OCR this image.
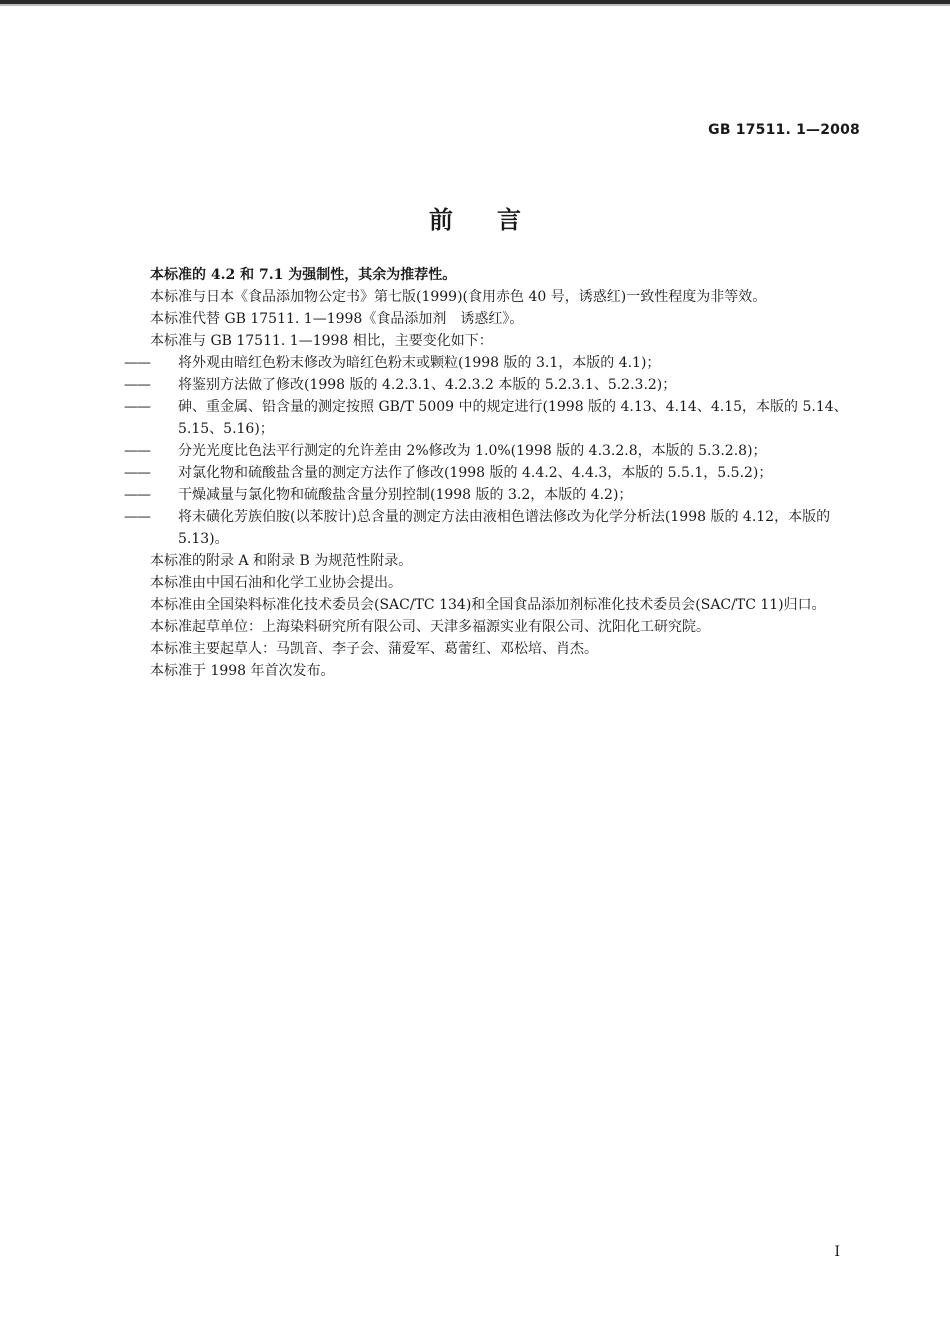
GB 17511. 1—2008
前言

本标准的 4.2 和 7.1 为强制性，其余为推荐性。

本标准与日本《食品添加物公定书》第七版(1999)(食用赤色 40 号，诱惑红)一致性程度为非等效。

本标准代替 GB 17511. 1—1998《食品添加剂　诱惑红》。

本标准与 GB 17511. 1—1998 相比，主要变化如下：

——	将外观由暗红色粉末修改为暗红色粉末或颗粒(1998 版的 3.1，本版的 4.1)；
——	将鉴别方法做了修改(1998 版的 4.2.3.1、4.2.3.2 本版的 5.2.3.1、5.2.3.2)；
——	砷、重金属、铅含量的测定按照 GB/T 5009 中的规定进行(1998 版的 4.13、4.14、4.15，本版的 5.14、5.15、5.16)；
——	分光光度比色法平行测定的允许差由 2%修改为 1.0%(1998 版的 4.3.2.8，本版的 5.3.2.8)；
——	对氯化物和硫酸盐含量的测定方法作了修改(1998 版的 4.4.2、4.4.3，本版的 5.5.1，5.5.2)；
——	干燥减量与氯化物和硫酸盐含量分别控制(1998 版的 3.2，本版的 4.2)；
——	将未磺化芳族伯胺(以苯胺计)总含量的测定方法由液相色谱法修改为化学分析法(1998 版的 4.12，本版的 5.13)。

本标准的附录 A 和附录 B 为规范性附录。

本标准由中国石油和化学工业协会提出。

本标准由全国染料标准化技术委员会(SAC/TC 134)和全国食品添加剂标准化技术委员会(SAC/TC 11)归口。

本标准起草单位：上海染料研究所有限公司、天津多福源实业有限公司、沈阳化工研究院。

本标准主要起草人：马凯音、李子会、蒲爱军、葛蕾红、邓松培、肖杰。

本标准于 1998 年首次发布。

I
